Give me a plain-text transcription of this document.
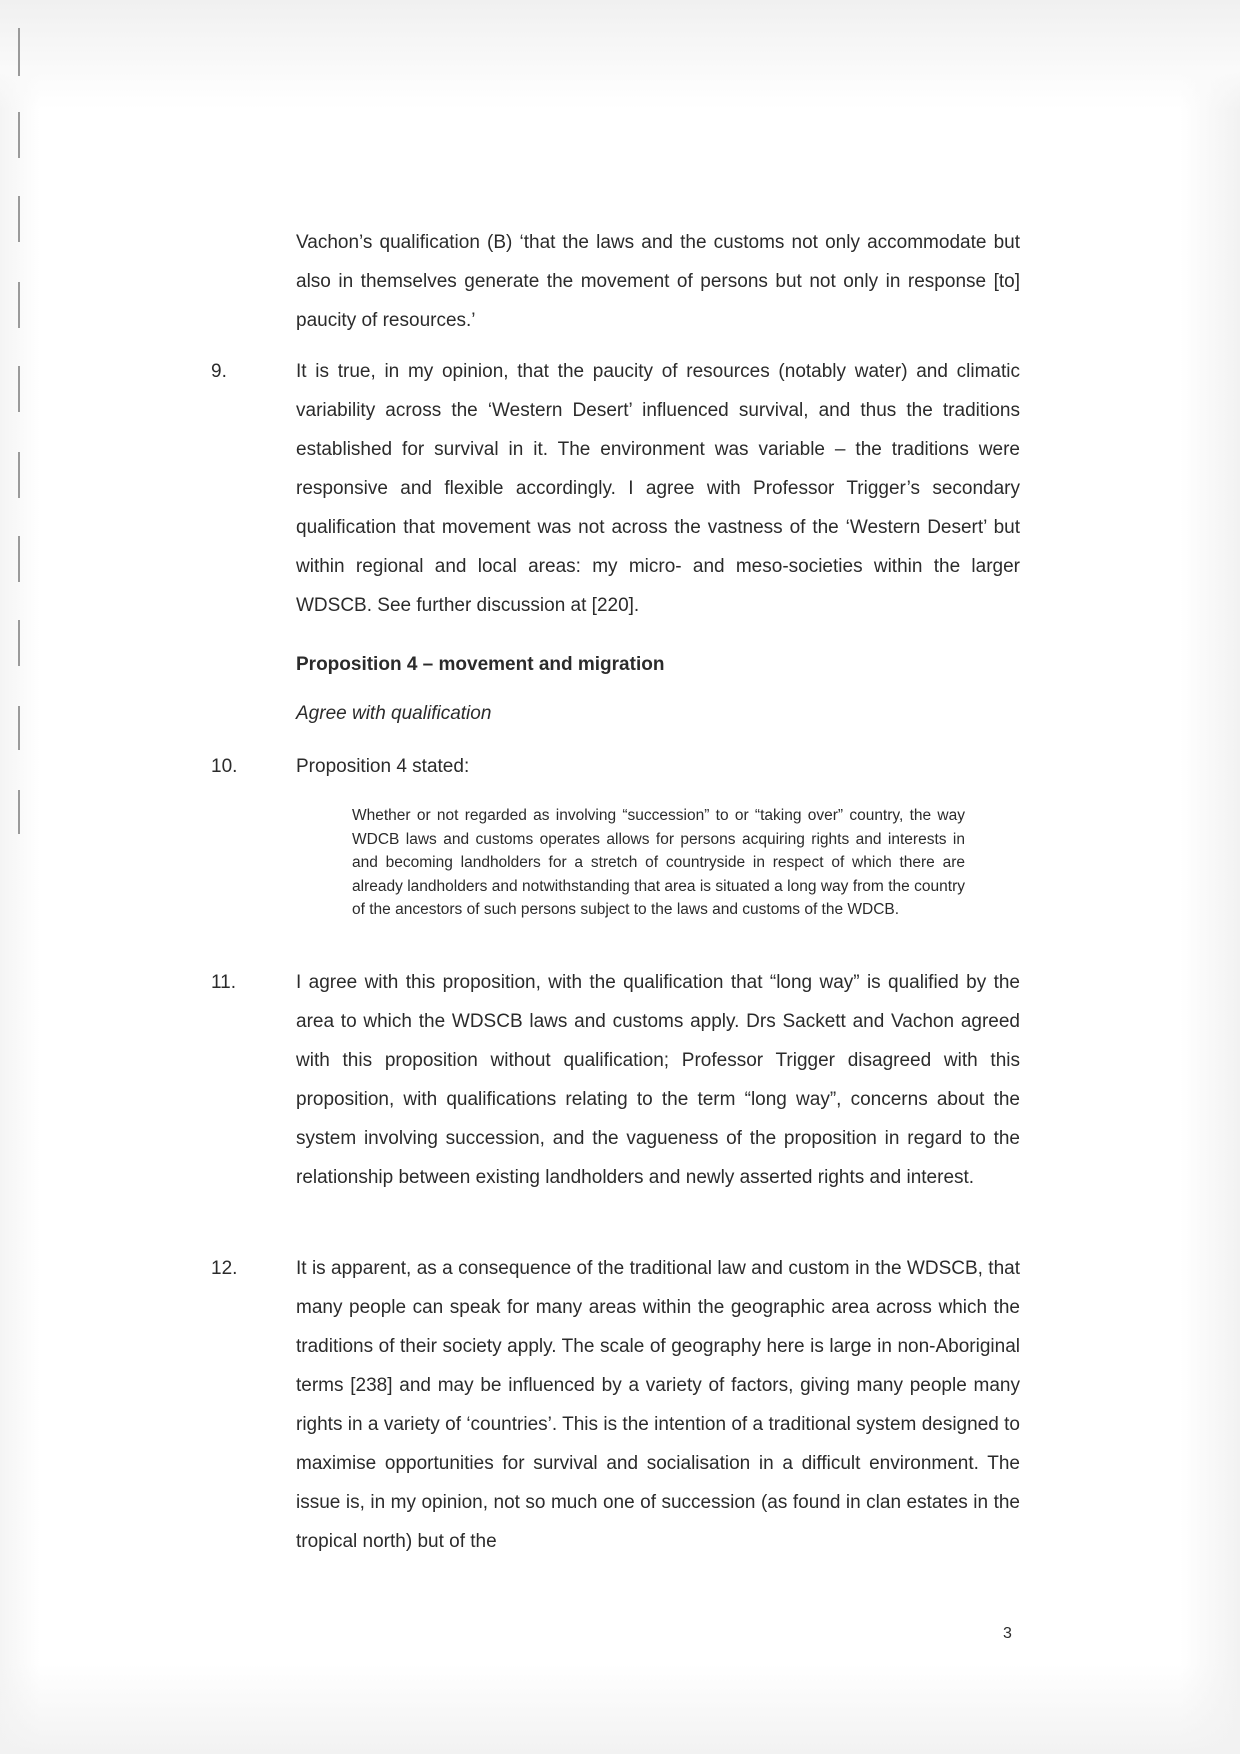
Vachon’s qualification (B) ‘that the laws and the customs not only accommodate but also in themselves generate the movement of persons but not only in response [to] paucity of resources.’
9.	It is true, in my opinion, that the paucity of resources (notably water) and climatic variability across the ‘Western Desert’ influenced survival, and thus the traditions established for survival in it. The environment was variable – the traditions were responsive and flexible accordingly. I agree with Professor Trigger’s secondary qualification that movement was not across the vastness of the ‘Western Desert’ but within regional and local areas: my micro- and meso-societies within the larger WDSCB. See further discussion at [220].
Proposition 4 – movement and migration
Agree with qualification
10.	Proposition 4 stated:
Whether or not regarded as involving “succession” to or “taking over” country, the way WDCB laws and customs operates allows for persons acquiring rights and interests in and becoming landholders for a stretch of countryside in respect of which there are already landholders and notwithstanding that area is situated a long way from the country of the ancestors of such persons subject to the laws and customs of the WDCB.
11.	I agree with this proposition, with the qualification that “long way” is qualified by the area to which the WDSCB laws and customs apply. Drs Sackett and Vachon agreed with this proposition without qualification; Professor Trigger disagreed with this proposition, with qualifications relating to the term “long way”, concerns about the system involving succession, and the vagueness of the proposition in regard to the relationship between existing landholders and newly asserted rights and interest.
12.	It is apparent, as a consequence of the traditional law and custom in the WDSCB, that many people can speak for many areas within the geographic area across which the traditions of their society apply. The scale of geography here is large in non-Aboriginal terms [238] and may be influenced by a variety of factors, giving many people many rights in a variety of ‘countries’. This is the intention of a traditional system designed to maximise opportunities for survival and socialisation in a difficult environment. The issue is, in my opinion, not so much one of succession (as found in clan estates in the tropical north) but of the
3
